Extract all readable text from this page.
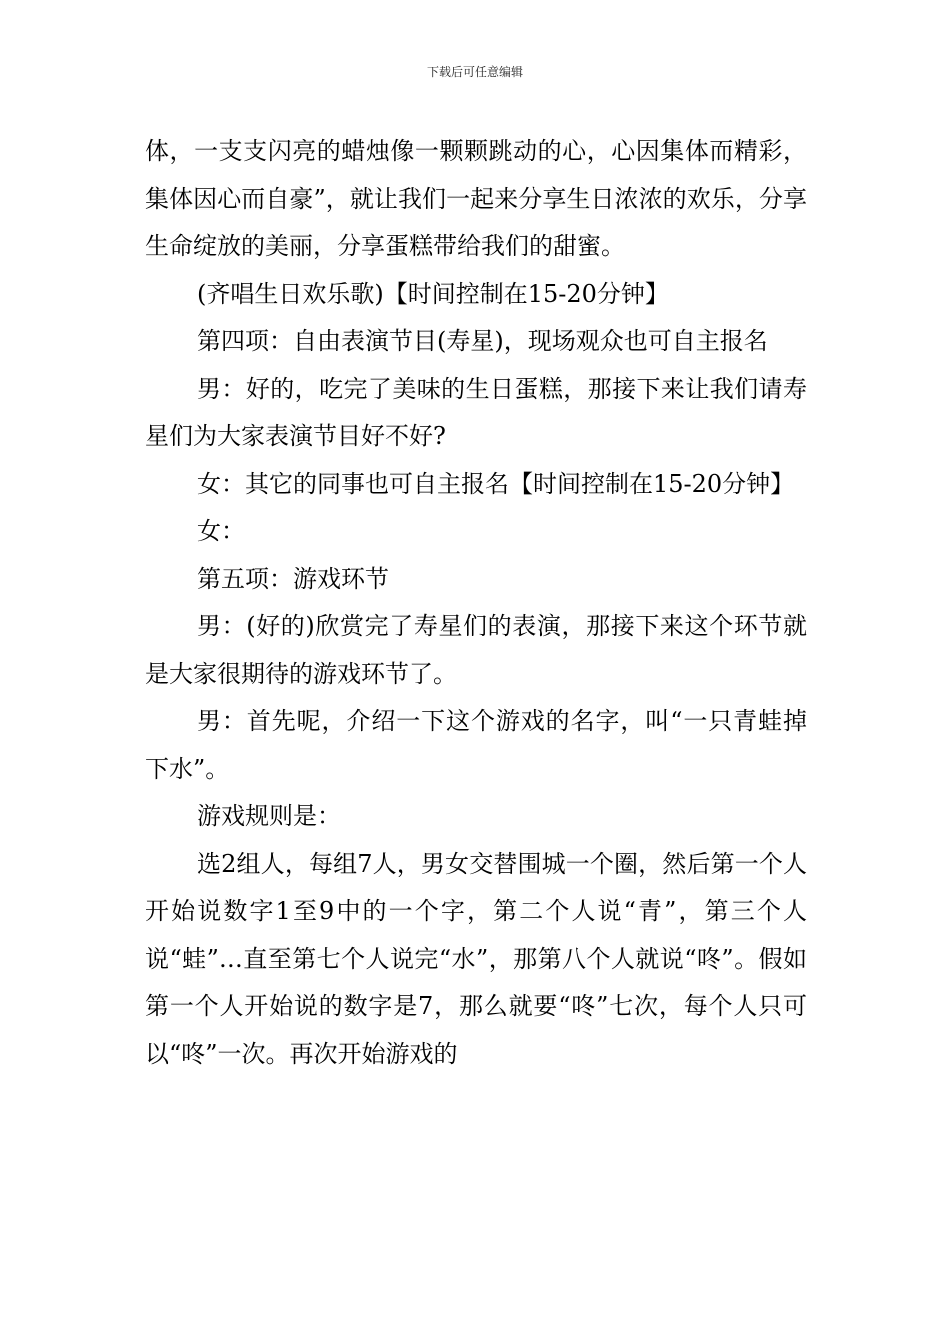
下载后可任意编辑

体，一支支闪亮的蜡烛像一颗颗跳动的心，心因集体而精彩，集体因心而自豪”，就让我们一起来分享生日浓浓的欢乐，分享生命绽放的美丽，分享蛋糕带给我们的甜蜜。

(齐唱生日欢乐歌)【时间控制在15-20分钟】

第四项：自由表演节目(寿星)，现场观众也可自主报名

男：好的，吃完了美味的生日蛋糕，那接下来让我们请寿星们为大家表演节目好不好?

女：其它的同事也可自主报名【时间控制在15-20分钟】

女：

第五项：游戏环节

男：(好的)欣赏完了寿星们的表演，那接下来这个环节就是大家很期待的游戏环节了。

男：首先呢，介绍一下这个游戏的名字，叫“一只青蛙掉下水”。

游戏规则是：

选2组人，每组7人，男女交替围城一个圈，然后第一个人开始说数字1至9中的一个字，第二个人说“青”，第三个人说“蛙”…直至第七个人说完“水”，那第八个人就说“咚”。假如第一个人开始说的数字是7，那么就要“咚”七次，每个人只可以“咚”一次。再次开始游戏的
